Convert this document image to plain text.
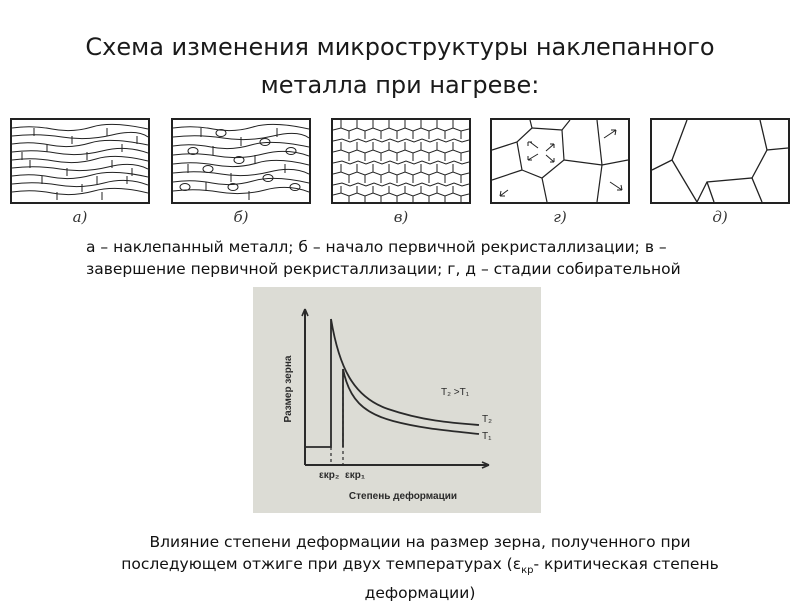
Схема изменения микроструктуры наклепанного
металла при нагреве:
а)	б)	в)	г)	д)
а – наклепанный металл; б – начало первичной рекристаллизации; в –
завершение первичной рекристаллизации; г, д – стадии собирательной
Размер зерна
Степень деформации
εкр₂ εкр₁
T₂ >T₁
T₂
T₁
Влияние степени деформации на размер зерна, полученного при
последующем отжиге при двух температурах ($\varepsilon_{кр}-$ критическая степень
деформации)
